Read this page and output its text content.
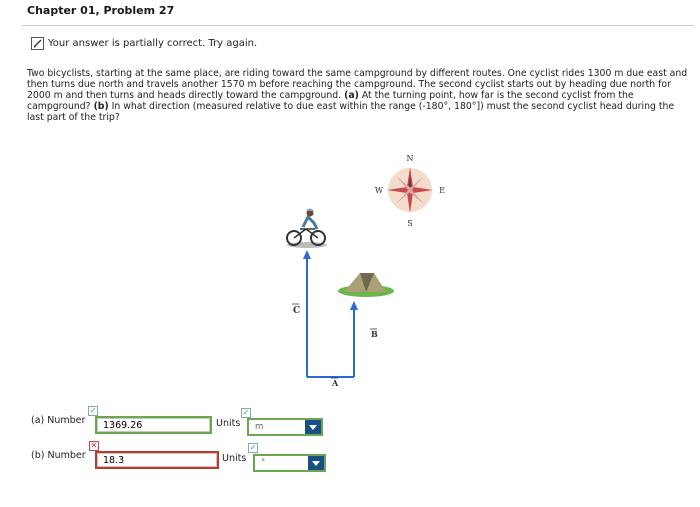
Chapter 01, Problem 27
Your answer is partially correct. Try again.

Two bicyclists, starting at the same place, are riding toward the same campground by different routes. One cyclist rides 1300 m due east and then turns due north and travels another 1570 m before reaching the campground. The second cyclist starts out by heading due north for 2000 m and then turns and heads directly toward the campground. (a) At the turning point, how far is the second cyclist from the campground? (b) In what direction (measured relative to due east within the range (-180°, 180°]) must the second cyclist head during the last part of the trip?

N
S
W	E
C
B
A
(a) Number
✓
1369.26
Units
✓
m
(b) Number
✕
18.3
Units
✓
°
